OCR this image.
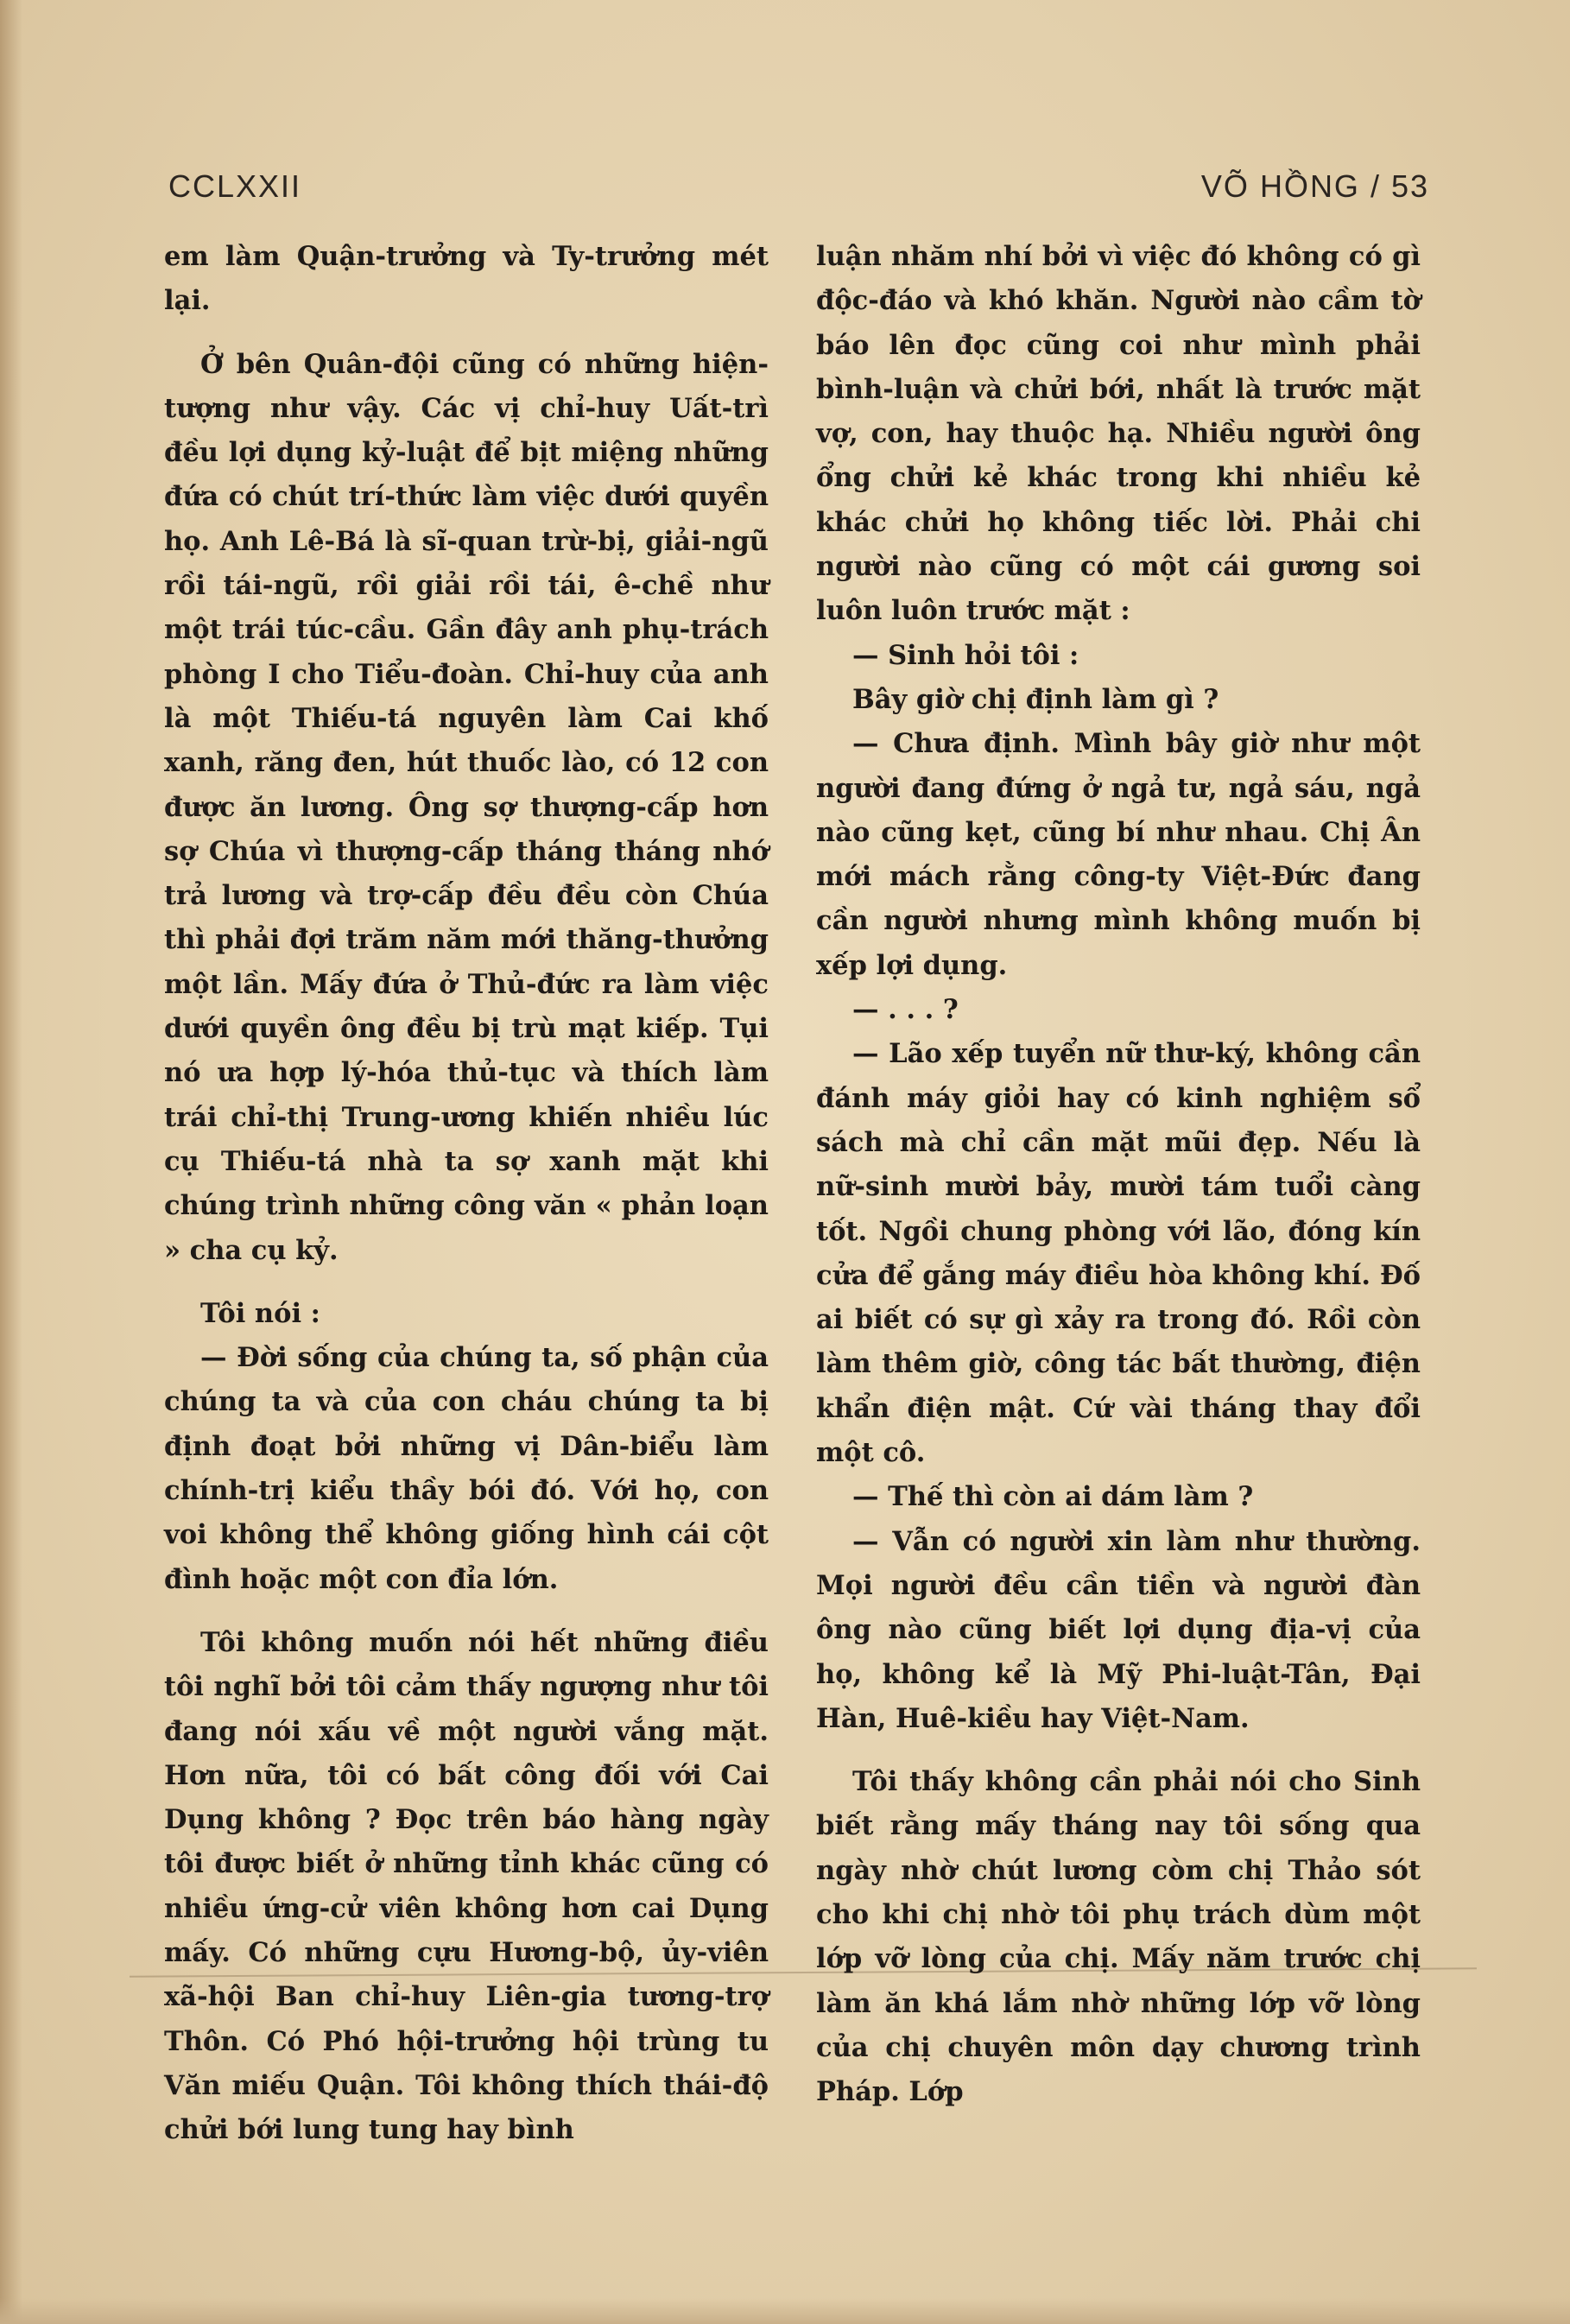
CCLXXII	VÕ HỒNG / 53

em làm Quận-trưởng và Ty-trưởng mét lại.

Ở bên Quân-đội cũng có những hiện-tượng như vậy. Các vị chỉ-huy Uất-trì đều lợi dụng kỷ-luật để bịt miệng những đứa có chút trí-thức làm việc dưới quyền họ. Anh Lê-Bá là sĩ-quan trừ-bị, giải-ngũ rồi tái-ngũ, rồi giải rồi tái, ê-chề như một trái túc-cầu. Gần đây anh phụ-trách phòng I cho Tiểu-đoàn. Chỉ-huy của anh là một Thiếu-tá nguyên làm Cai khố xanh, răng đen, hút thuốc lào, có 12 con được ăn lương. Ông sợ thượng-cấp hơn sợ Chúa vì thượng-cấp tháng tháng nhớ trả lương và trợ-cấp đều đều còn Chúa thì phải đợi trăm năm mới thăng-thưởng một lần. Mấy đứa ở Thủ-đức ra làm việc dưới quyền ông đều bị trù mạt kiếp. Tụi nó ưa hợp lý-hóa thủ-tục và thích làm trái chỉ-thị Trung-ương khiến nhiều lúc cụ Thiếu-tá nhà ta sợ xanh mặt khi chúng trình những công văn « phản loạn » cha cụ kỷ.

Tôi nói :

— Đời sống của chúng ta, số phận của chúng ta và của con cháu chúng ta bị định đoạt bởi những vị Dân-biểu làm chính-trị kiểu thầy bói đó. Với họ, con voi không thể không giống hình cái cột đình hoặc một con đỉa lớn.

Tôi không muốn nói hết những điều tôi nghĩ bởi tôi cảm thấy ngượng như tôi đang nói xấu về một người vắng mặt. Hơn nữa, tôi có bất công đối với Cai Dụng không ? Đọc trên báo hàng ngày tôi được biết ở những tỉnh khác cũng có nhiều ứng-cử viên không hơn cai Dụng mấy. Có những cựu Hương-bộ, ủy-viên xã-hội Ban chỉ-huy Liên-gia tương-trợ Thôn. Có Phó hội-trưởng hội trùng tu Văn miếu Quận. Tôi không thích thái-độ chửi bới lung tung hay bình

luận nhăm nhí bởi vì việc đó không có gì độc-đáo và khó khăn. Người nào cầm tờ báo lên đọc cũng coi như mình phải bình-luận và chửi bới, nhất là trước mặt vợ, con, hay thuộc hạ. Nhiều người ông ổng chửi kẻ khác trong khi nhiều kẻ khác chửi họ không tiếc lời. Phải chi người nào cũng có một cái gương soi luôn luôn trước mặt :

— Sinh hỏi tôi :

Bây giờ chị định làm gì ?

— Chưa định. Mình bây giờ như một người đang đứng ở ngả tư, ngả sáu, ngả nào cũng kẹt, cũng bí như nhau. Chị Ân mới mách rằng công-ty Việt-Đức đang cần người nhưng mình không muốn bị xếp lợi dụng.

— . . . ?

— Lão xếp tuyển nữ thư-ký, không cần đánh máy giỏi hay có kinh nghiệm sổ sách mà chỉ cần mặt mũi đẹp. Nếu là nữ-sinh mười bảy, mười tám tuổi càng tốt. Ngồi chung phòng với lão, đóng kín cửa để gắng máy điều hòa không khí. Đố ai biết có sự gì xảy ra trong đó. Rồi còn làm thêm giờ, công tác bất thường, điện khẩn điện mật. Cứ vài tháng thay đổi một cô.

— Thế thì còn ai dám làm ?

— Vẫn có người xin làm như thường. Mọi người đều cần tiền và người đàn ông nào cũng biết lợi dụng địa-vị của họ, không kể là Mỹ Phi-luật-Tân, Đại Hàn, Huê-kiều hay Việt-Nam.

Tôi thấy không cần phải nói cho Sinh biết rằng mấy tháng nay tôi sống qua ngày nhờ chút lương còm chị Thảo sót cho khi chị nhờ tôi phụ trách dùm một lớp vỡ lòng của chị. Mấy năm trước chị làm ăn khá lắm nhờ những lớp vỡ lòng của chị chuyên môn dạy chương trình Pháp. Lớp
